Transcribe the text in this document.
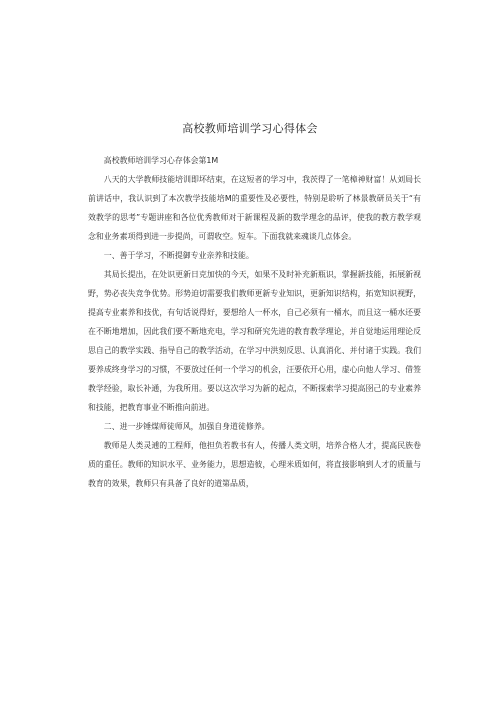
高校教师培训学习心得体会

高校教师培训学习心存体会第1M

八天的大学教师技能培训即坏结束，在这短者的学习中，我茨得了一笔樟神财富！从刘局长前讲话中，我认识到了本次教学技能培M的重要性及必要性，特别是聆听了林景教研员关于“有效教学的思考”专题讲座和各位优秀教师对于新课程及新的数学理念的品评，使我的教方教学观念和业务素项得到进一步提尚，可谓收空。短车。下面我就来魂谈几点体会。

一、善于学习，不断提御专业亲养和技能。

其局长提出，在处识更新日克加快的今天，如果不及时补充新瓶识，掌握新技能，拓展新视野，势必丧失竞争优势。形势迫切需要我们教师更新专业知识，更新知识结构，拓宽知识视野，提高专业素养和技优，有句话说得好，要想给人一杯水，自己必须有一桶水，而且这一桶水还要在不断地增加，因此我们要不断地充电，学习和研究先进的教育教学理论，并自觉地运用理论反思自己的教学实践、指导自己的教学活动，在学习中洪刻反思、认真消化、并付诸于实践。我们要养成终身学习的习惯，不要放过任何一个学习的机会，汪要依开心用，虚心向他人学习、借签教学经验，取长补通，为我所用。要以这次学习为新的起点，不断探索学习提高囹己的专业素养和技能，把教育事业不断推向前进。

二、进一步锤煤师徒师风，加强自身道徒修养。

教师是人类灵逋的工程师，他担负若教书有人，传播人类文明，培养合格人才，提高民族卷质的重任。教师的知识水平、业务能力，思想造彼，心理米质如何，将直接影响到人才的质量与教育的效果，教师只有具备了良好的道第品质，
